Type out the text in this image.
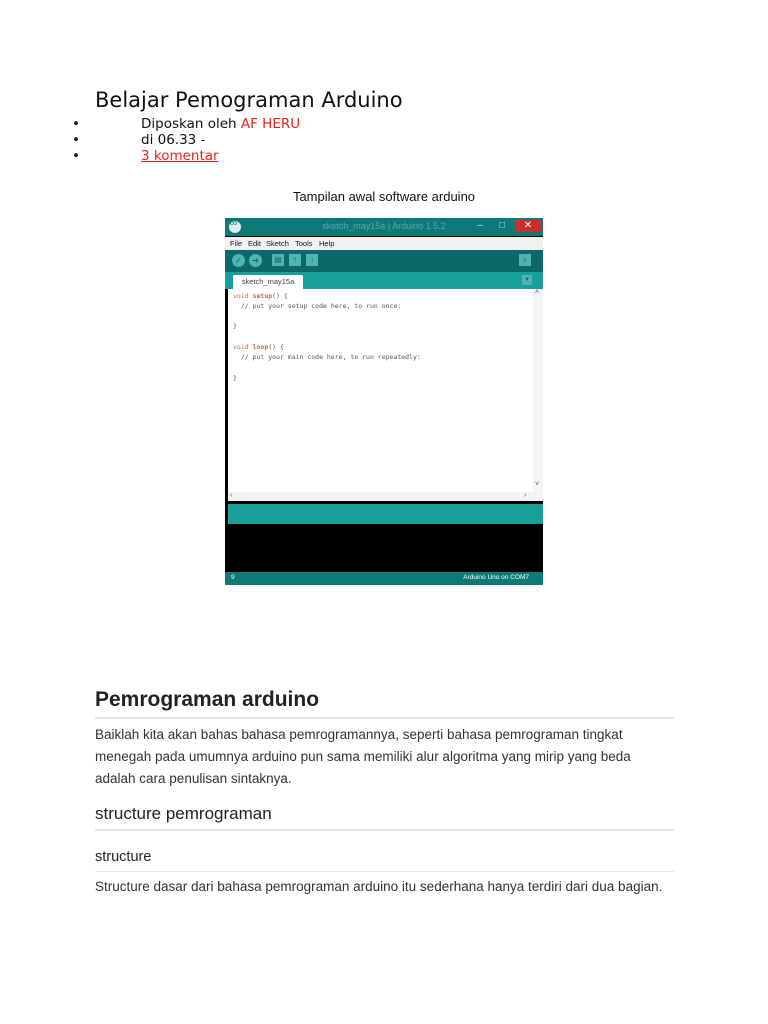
Belajar Pemograman Arduino
•	Diposkan oleh AF HERU
•	di 06.33 -
•	3 komentar
Tampilan awal software arduino
∞
sketch_may15a | Arduino 1.5.2	–	□	✕
File Edit Sketch Tools Help
✓	➜	▤	↑	↓	⌕
sketch_may15a	▼
void setup() {
// put your setup code here, to run once:
}
void loop() {
// put your main code here, to run repeatedly:
}
˄
˅
‹	›
9	Arduino Uno on COM7
Pemrograman arduino
Baiklah kita akan bahas bahasa pemrogramannya, seperti bahasa pemrograman tingkat menegah pada umumnya arduino pun sama memiliki alur algoritma yang mirip yang beda adalah cara penulisan sintaknya.
structure pemrograman
structure
Structure dasar dari bahasa pemrograman arduino itu sederhana hanya terdiri dari dua bagian.
